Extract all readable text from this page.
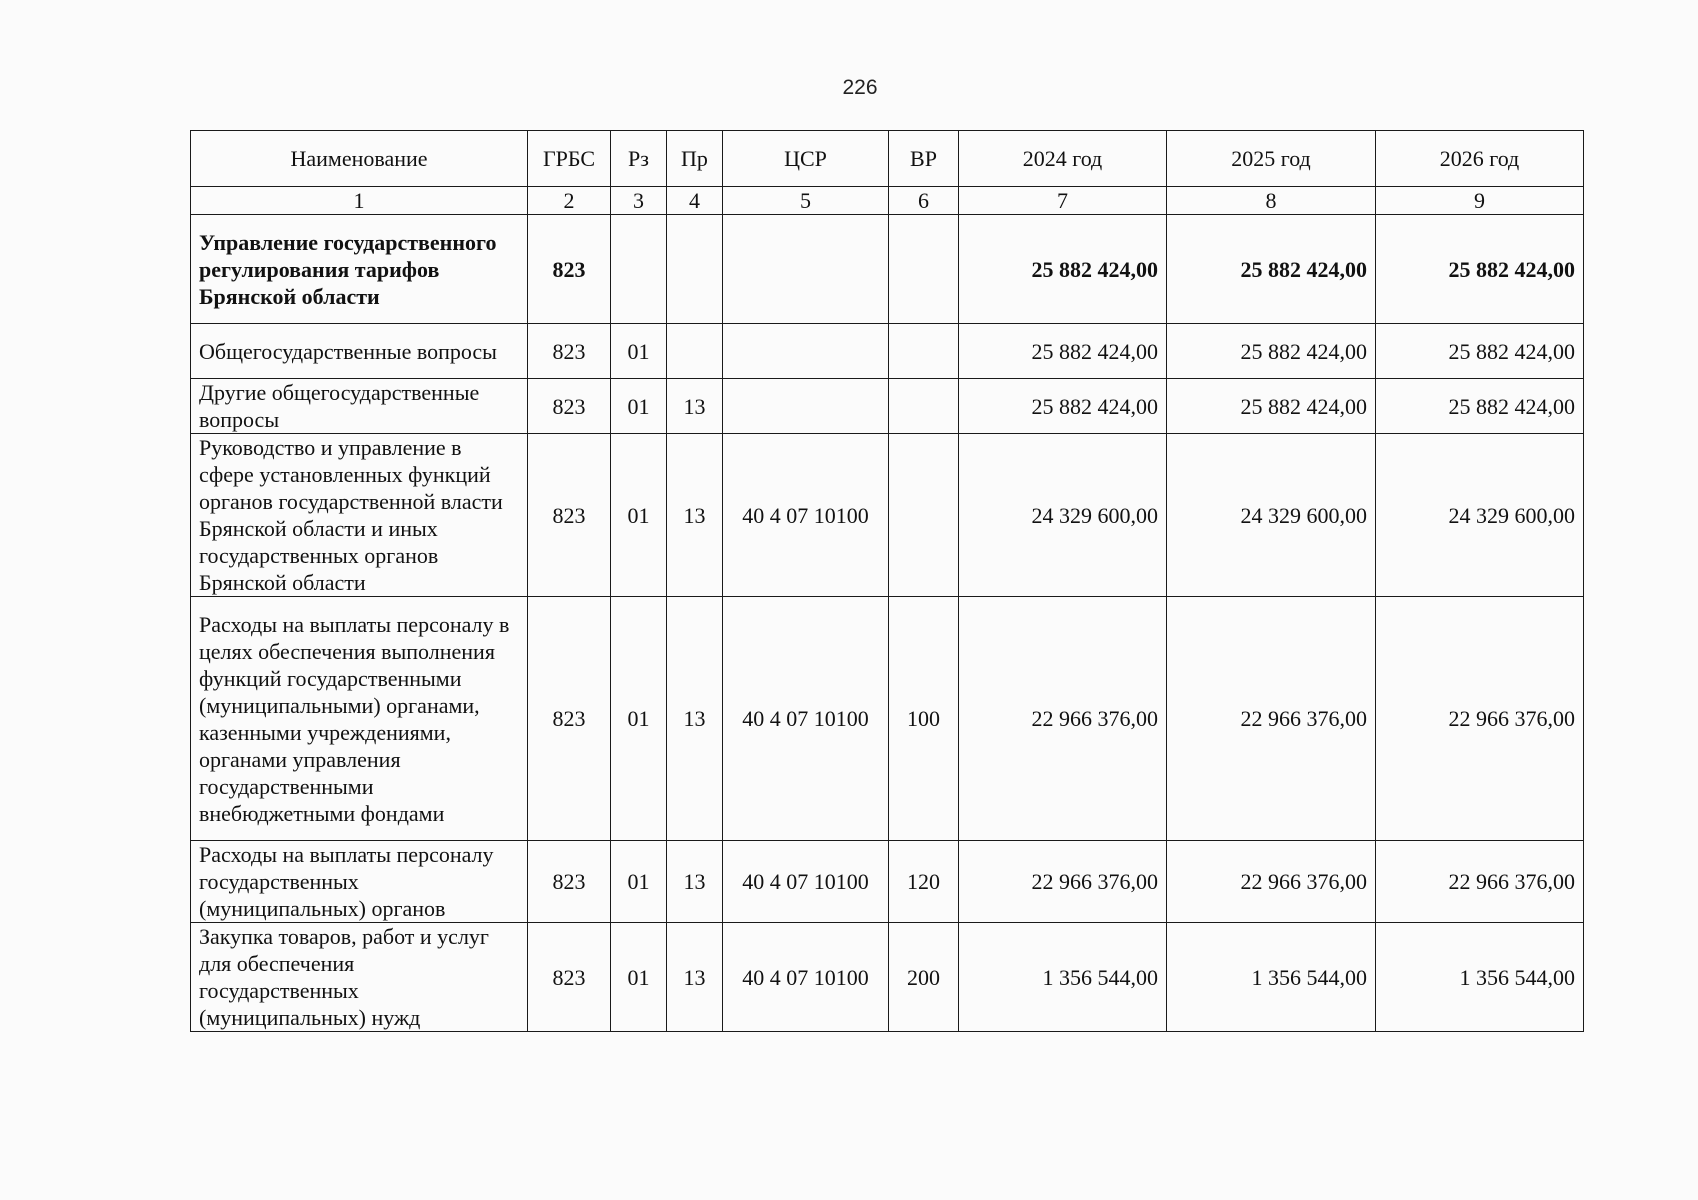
226
Наименование	ГРБС	Рз	Пр	ЦСР	ВР	2024 год	2025 год	2026 год
1	2	3	4	5	6	7	8	9
Управление государственного регулирования тарифов Брянской области	823					25 882 424,00	25 882 424,00	25 882 424,00
Общегосударственные вопросы	823	01				25 882 424,00	25 882 424,00	25 882 424,00
Другие общегосударственные вопросы	823	01	13			25 882 424,00	25 882 424,00	25 882 424,00
Руководство и управление в сфере установленных функций органов государственной власти Брянской области и иных государственных органов Брянской области	823	01	13	40 4 07 10100		24 329 600,00	24 329 600,00	24 329 600,00
Расходы на выплаты персоналу в целях обеспечения выполнения функций государственными (муниципальными) органами, казенными учреждениями, органами управления государственными внебюджетными фондами	823	01	13	40 4 07 10100	100	22 966 376,00	22 966 376,00	22 966 376,00
Расходы на выплаты персоналу государственных (муниципальных) органов	823	01	13	40 4 07 10100	120	22 966 376,00	22 966 376,00	22 966 376,00
Закупка товаров, работ и услуг для обеспечения государственных (муниципальных) нужд	823	01	13	40 4 07 10100	200	1 356 544,00	1 356 544,00	1 356 544,00
